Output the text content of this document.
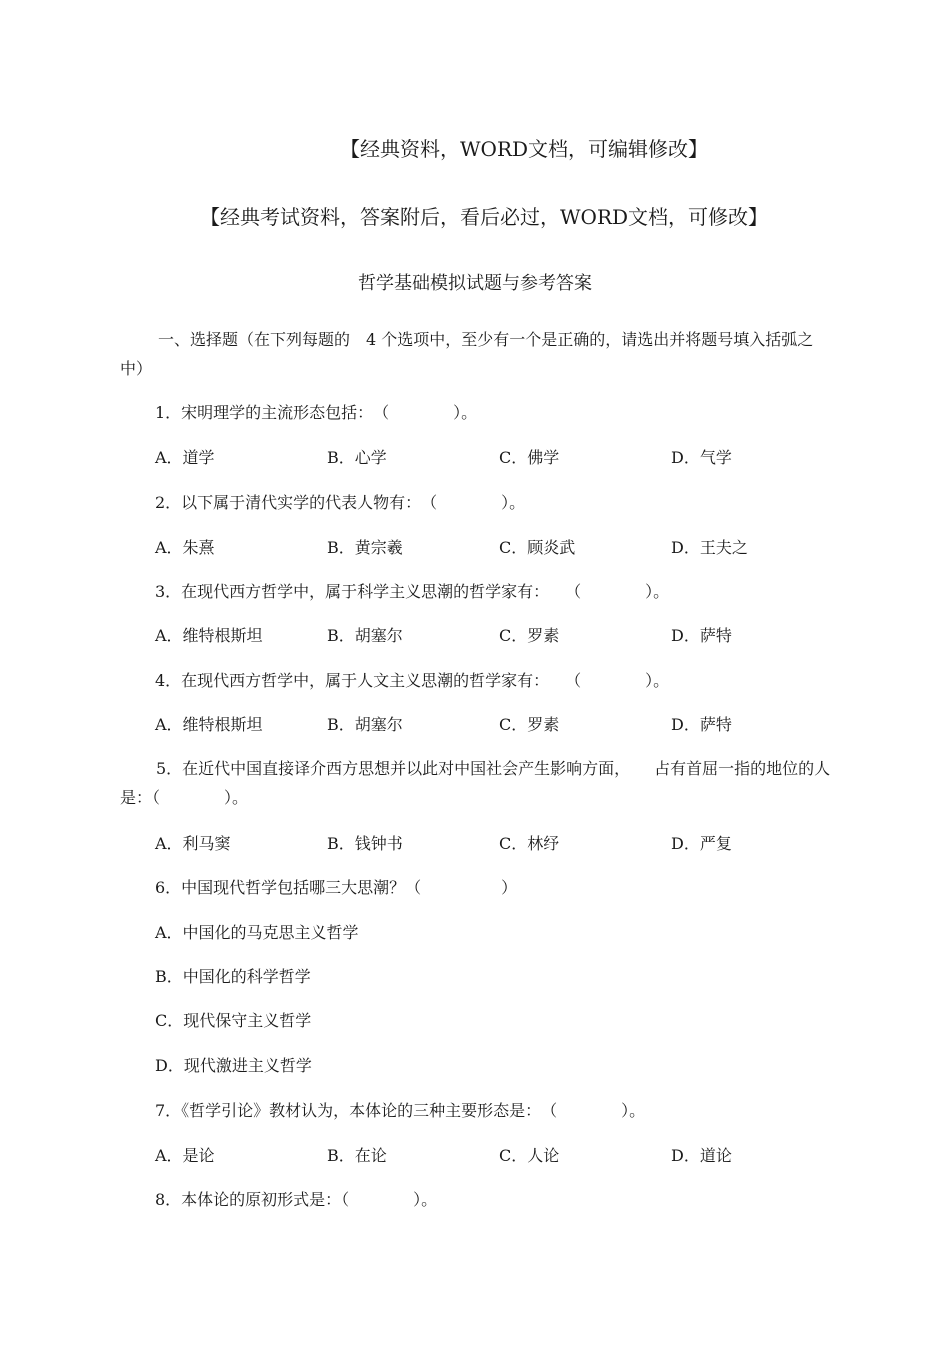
【经典资料，WORD文档，可编辑修改】
【经典考试资料，答案附后，看后必过，WORD文档，可修改】
哲学基础模拟试题与参考答案
一、选择题（在下列每题的　4 个选项中，至少有一个是正确的，请选出并将题号填入括弧之中）
1．宋明理学的主流形态包括：　（　　　　）。
A．道学	B．心学	C．佛学	D．气学
2．以下属于清代实学的代表人物有：　（　　　　）。
A．朱熹	B．黄宗羲	C．顾炎武	D．王夫之
3．在现代西方哲学中，属于科学主义思潮的哲学家有：　　（　　　　）。
A．维特根斯坦	B．胡塞尔	C．罗素	D．萨特
4．在现代西方哲学中，属于人文主义思潮的哲学家有：　　（　　　　）。
A．维特根斯坦	B．胡塞尔	C．罗素	D．萨特
5．在近代中国直接译介西方思想并以此对中国社会产生影响方面，　　占有首屈一指的地位的人是：（　　　　）。
A．利马窦	B．钱钟书	C．林纾	D．严复
6．中国现代哲学包括哪三大思潮？（　　　　　）
A．中国化的马克思主义哲学
B．中国化的科学哲学
C．现代保守主义哲学
D．现代激进主义哲学
7．《哲学引论》教材认为，本体论的三种主要形态是：　（　　　　）。
A．是论	B．在论	C．人论	D．道论
8．本体论的原初形式是：（　　　　）。
